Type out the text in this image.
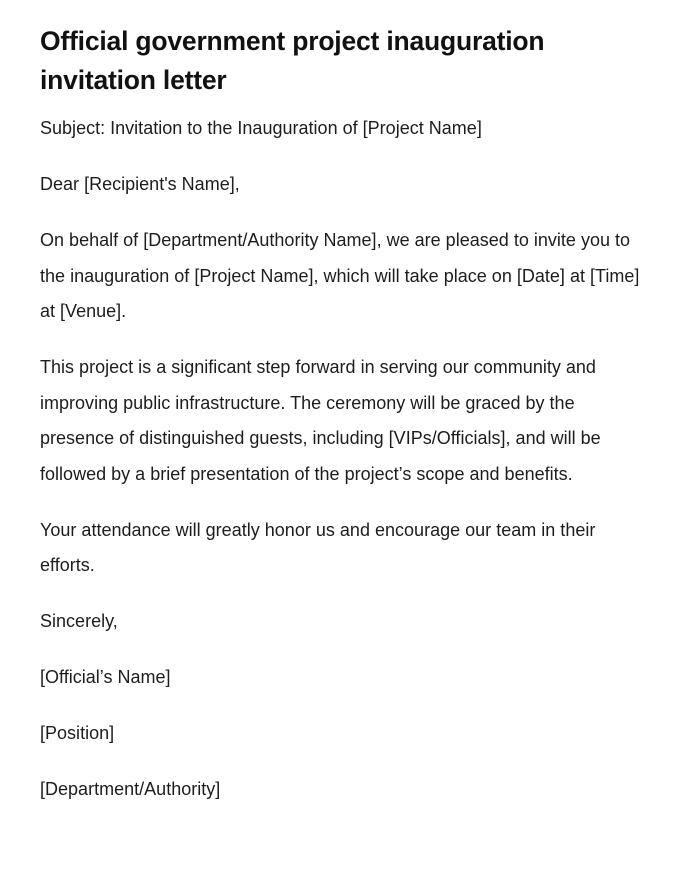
Official government project inauguration invitation letter

Subject: Invitation to the Inauguration of [Project Name]

Dear [Recipient's Name],

On behalf of [Department/Authority Name], we are pleased to invite you to the inauguration of [Project Name], which will take place on [Date] at [Time] at [Venue].

This project is a significant step forward in serving our community and improving public infrastructure. The ceremony will be graced by the presence of distinguished guests, including [VIPs/Officials], and will be followed by a brief presentation of the project’s scope and benefits.

Your attendance will greatly honor us and encourage our team in their efforts.

Sincerely,

[Official’s Name]

[Position]

[Department/Authority]
